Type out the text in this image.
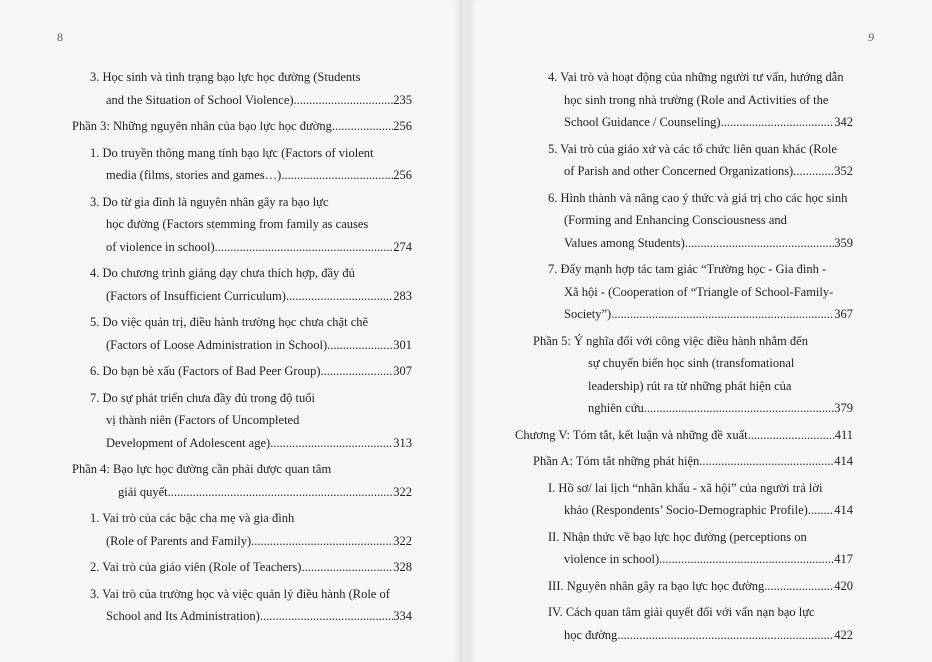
8
3. Học sinh và tình trạng bạo lực học đường (Students
and the Situation of School Violence) .....	235
Phần 3: Những nguyên nhân của bạo lực học đường .....	256
1. Do truyền thông mang tính bạo lực (Factors of violent
media (films, stories and games…) .....	256
3. Do từ gia đình là nguyên nhân gây ra bạo lực
học đường (Factors stemming from family as causes
of violence in school) .....	274
4. Do chương trình giảng dạy chưa thích hợp, đầy đủ
(Factors of Insufficient Curriculum) .....	283
5. Do việc quản trị, điều hành trường học chưa chặt chẽ
(Factors of Loose Administration in School) .....	301
6. Do bạn bè xấu (Factors of Bad Peer Group) .....	307
7. Do sự phát triển chưa đầy đủ trong độ tuổi
vị thành niên (Factors of Uncompleted
Development of Adolescent age) .....	313
Phần 4: Bạo lực học đường cần phải được quan tâm
giải quyết .....	322
1. Vai trò của các bậc cha mẹ và gia đình
(Role of Parents and Family) .....	322
2. Vai trò của giáo viên (Role of Teachers) .....	328
3. Vai trò của trường học và việc quản lý điều hành (Role of
School and Its Administration) .....	334
9
4. Vai trò và hoạt động của những người tư vấn, hướng dẫn
học sinh trong nhà trường (Role and Activities of the
School Guidance / Counseling) .....	342
5. Vai trò của giáo xứ và các tổ chức liên quan khác (Role
of Parish and other Concerned Organizations) .....	352
6. Hình thành và nâng cao ý thức và giá trị cho các học sinh
(Forming and Enhancing Consciousness and
Values among Students) .....	359
7. Đẩy mạnh hợp tác tam giác “Trường học - Gia đình -
Xã hội - (Cooperation of “Triangle of School-Family-
Society”) .....	367
Phần 5: Ý nghĩa đối với công việc điều hành nhằm đến
sự chuyển biến học sinh (transfomational
leadership) rút ra từ những phát hiện của
nghiên cứu .....	379
Chương V: Tóm tắt, kết luận và những đề xuất .....	411
Phần A: Tóm tắt những phát hiện .....	414
I. Hồ sơ/ lai lịch “nhân khẩu - xã hội” của người trả lời
khảo (Respondents’ Socio-Demographic Profile) ..... 414
II. Nhận thức về bạo lực học đường (perceptions on
violence in school) .....	417
III. Nguyên nhân gây ra bạo lực học đường .....	420
IV. Cách quan tâm giải quyết đối với vấn nạn bạo lực
học đường .....	422
